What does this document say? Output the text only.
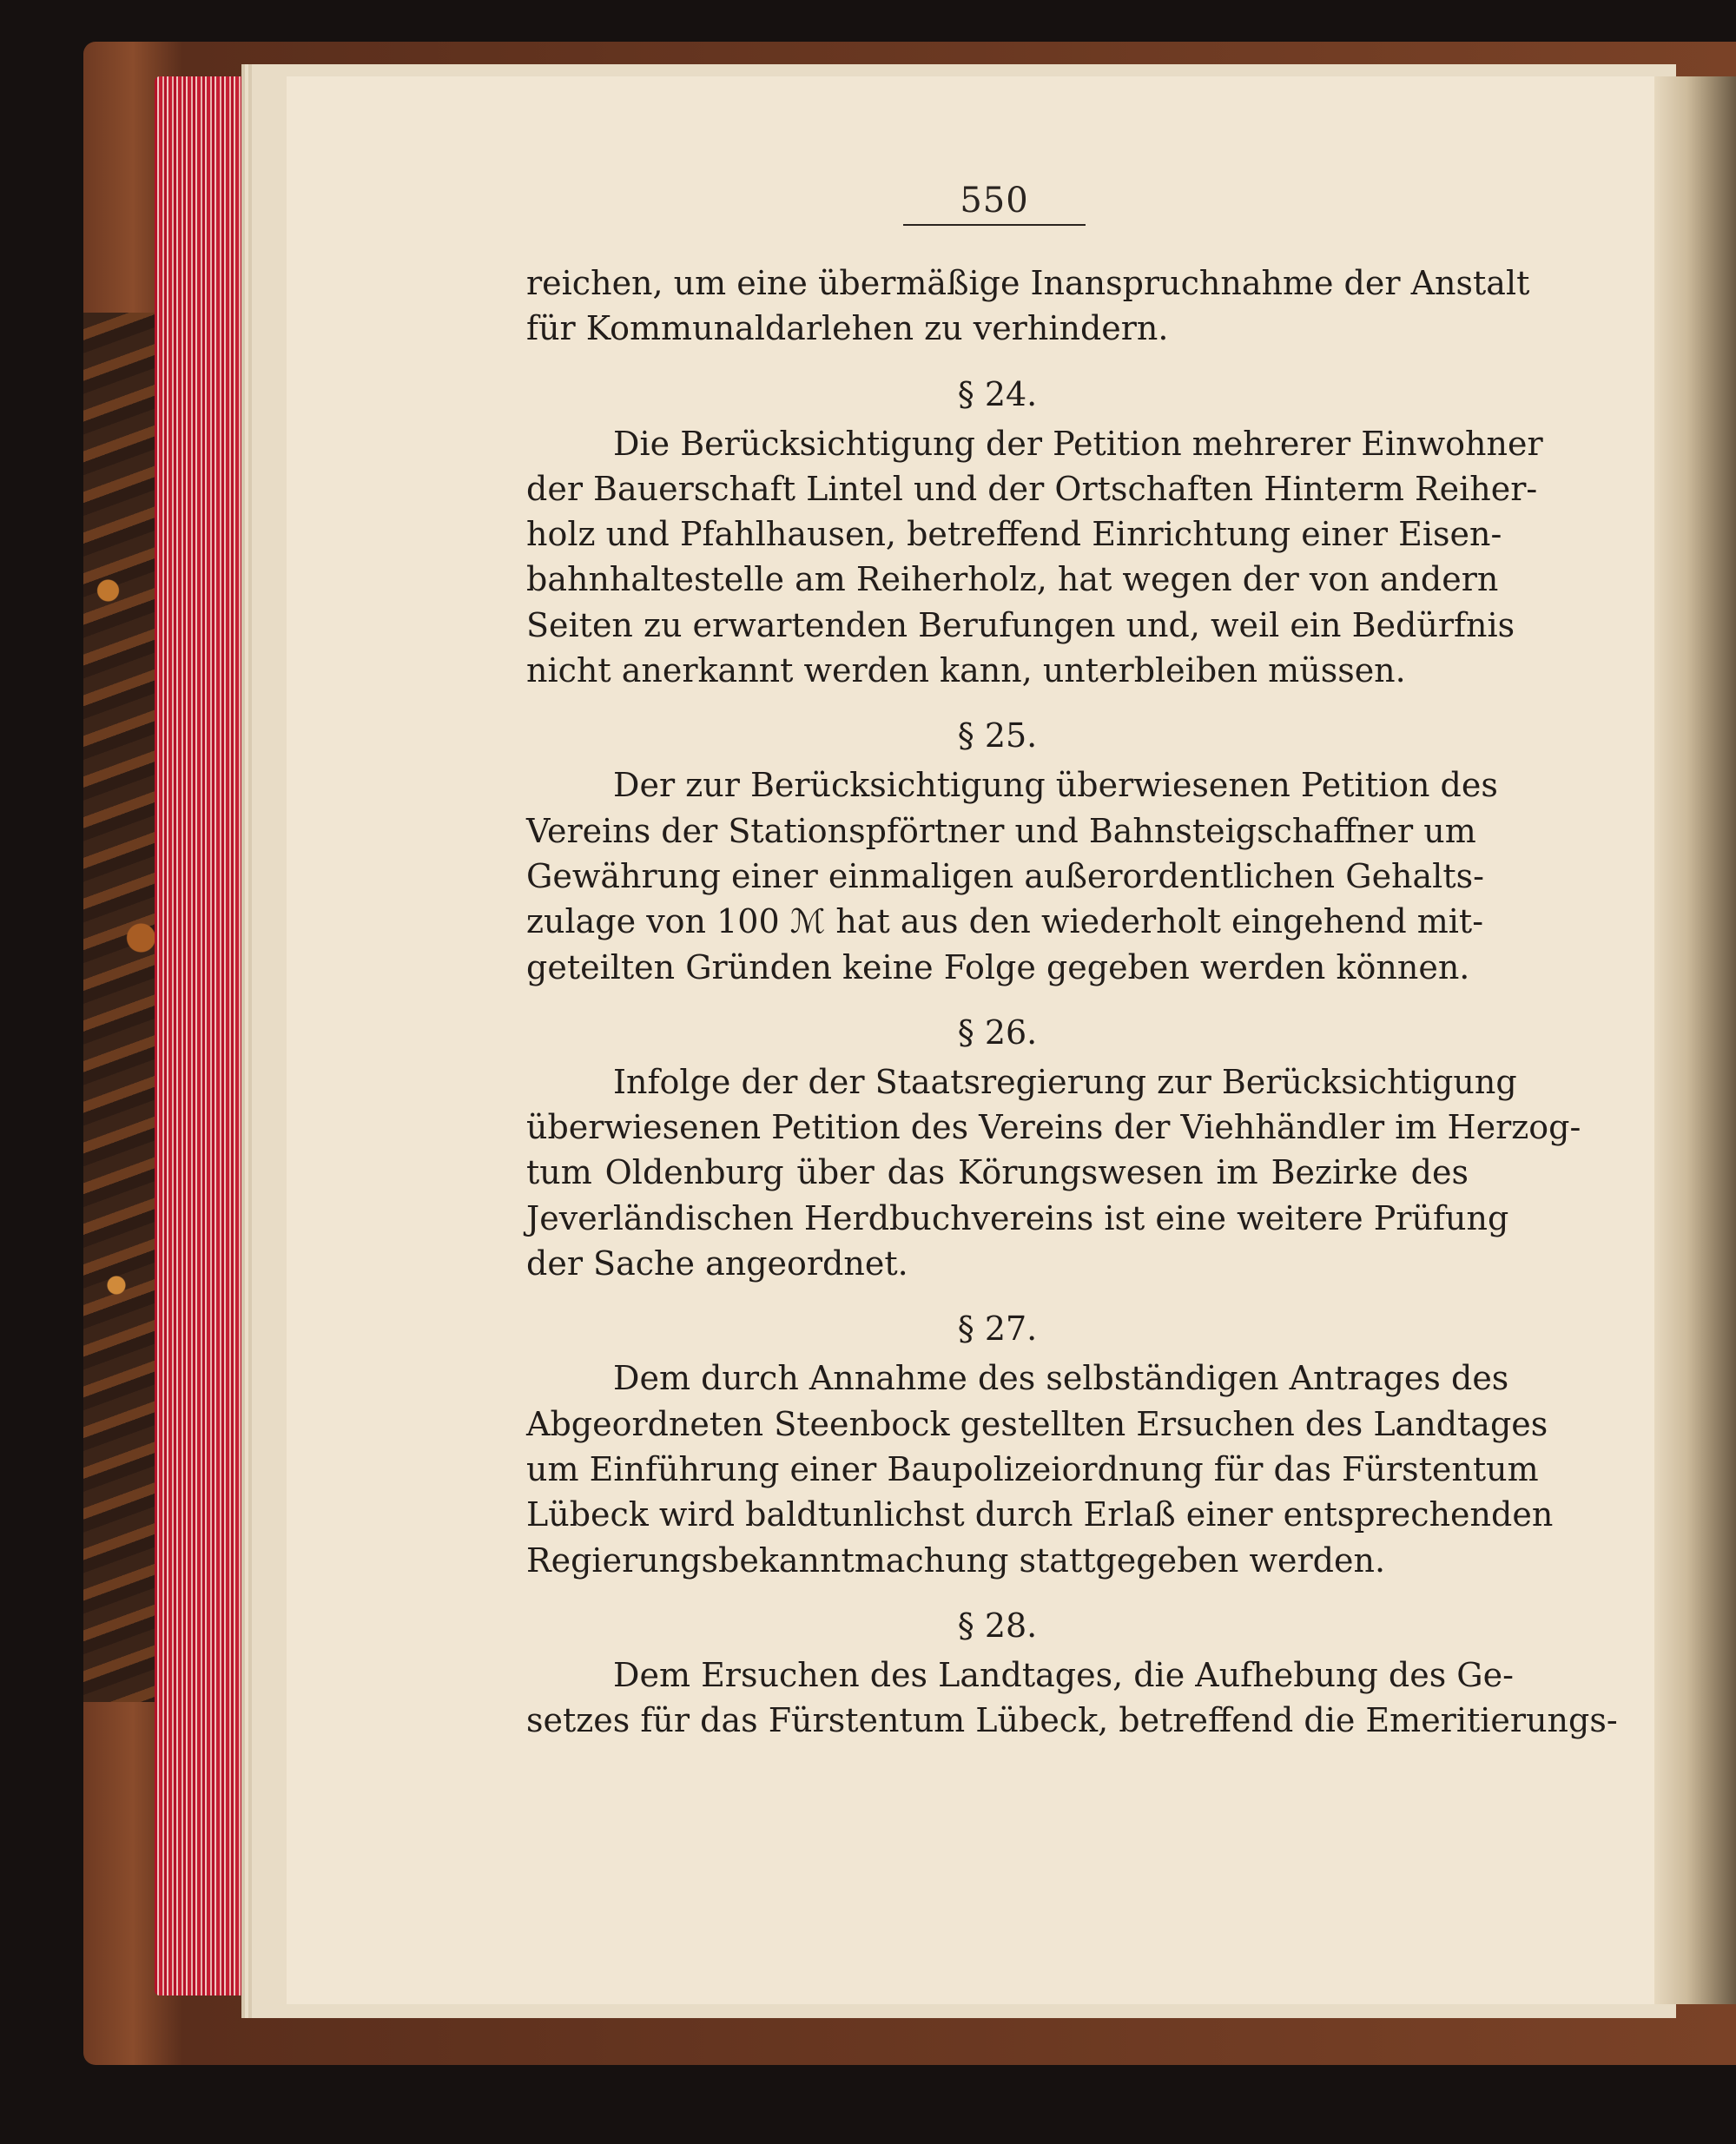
550
reichen, um eine übermäßige Inanspruchnahme der Anstalt
für Kommunaldarlehen zu verhindern.
§ 24.
Die Berücksichtigung der Petition mehrerer Einwohner
der Bauerschaft Lintel und der Ortschaften Hinterm Reiher-
holz und Pfahlhausen, betreffend Einrichtung einer Eisen-
bahnhaltestelle am Reiherholz, hat wegen der von andern
Seiten zu erwartenden Berufungen und, weil ein Bedürfnis
nicht anerkannt werden kann, unterbleiben müssen.
§ 25.
Der zur Berücksichtigung überwiesenen Petition des
Vereins der Stationspförtner und Bahnsteigschaffner um
Gewährung einer einmaligen außerordentlichen Gehalts-
zulage von 100 ℳ hat aus den wiederholt eingehend mit-
geteilten Gründen keine Folge gegeben werden können.
§ 26.
Infolge der der Staatsregierung zur Berücksichtigung
überwiesenen Petition des Vereins der Viehhändler im Herzog-
tum Oldenburg über das Körungswesen im Bezirke des
Jeverländischen Herdbuchvereins ist eine weitere Prüfung
der Sache angeordnet.
§ 27.
Dem durch Annahme des selbständigen Antrages des
Abgeordneten Steenbock gestellten Ersuchen des Landtages
um Einführung einer Baupolizeiordnung für das Fürstentum
Lübeck wird baldtunlichst durch Erlaß einer entsprechenden
Regierungsbekanntmachung stattgegeben werden.
§ 28.
Dem Ersuchen des Landtages, die Aufhebung des Ge-
setzes für das Fürstentum Lübeck, betreffend die Emeritierungs-
